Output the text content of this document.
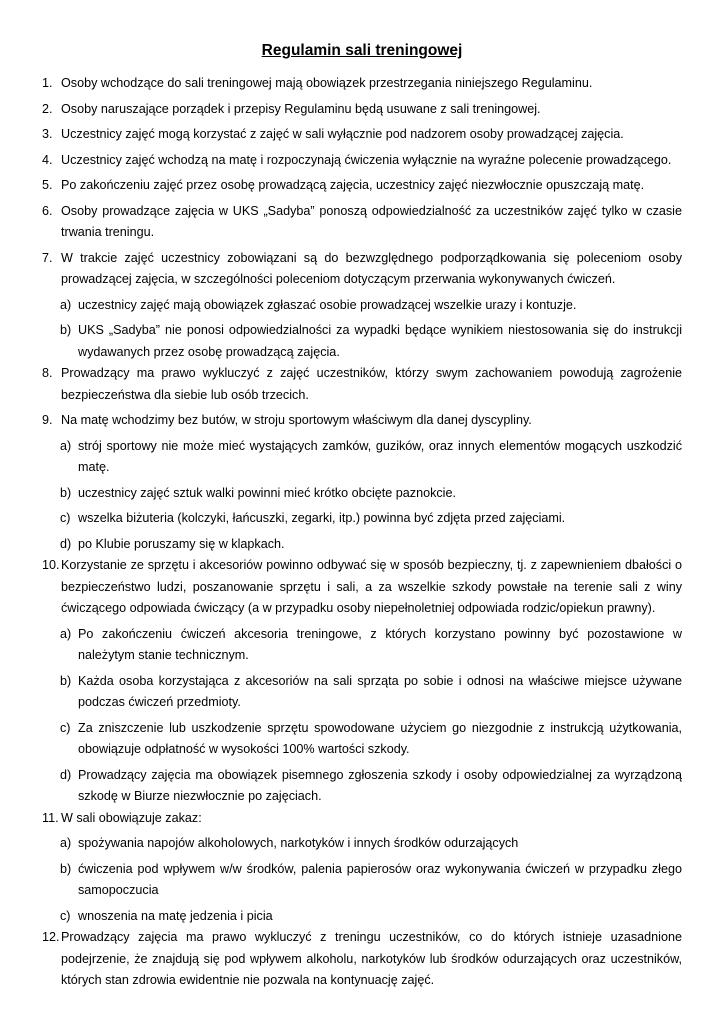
Regulamin sali treningowej
1. Osoby wchodzące do sali treningowej mają obowiązek przestrzegania niniejszego Regulaminu.
2. Osoby naruszające porządek i przepisy Regulaminu będą usuwane z sali treningowej.
3. Uczestnicy zajęć mogą korzystać z zajęć w sali wyłącznie pod nadzorem osoby prowadzącej zajęcia.
4. Uczestnicy zajęć wchodzą na matę i rozpoczynają ćwiczenia wyłącznie na wyraźne polecenie prowadzącego.
5. Po zakończeniu zajęć przez osobę prowadzącą zajęcia, uczestnicy zajęć niezwłocznie opuszczają matę.
6. Osoby prowadzące zajęcia w UKS „Sadyba” ponoszą odpowiedzialność za uczestników zajęć tylko w czasie trwania treningu.
7. W trakcie zajęć uczestnicy zobowiązani są do bezwzględnego podporządkowania się poleceniom osoby prowadzącej zajęcia, w szczególności poleceniom dotyczącym przerwania wykonywanych ćwiczeń.
a) uczestnicy zajęć mają obowiązek zgłaszać osobie prowadzącej wszelkie urazy i kontuzje.
b) UKS „Sadyba” nie ponosi odpowiedzialności za wypadki będące wynikiem niestosowania się do instrukcji wydawanych przez osobę prowadzącą zajęcia.
8. Prowadzący ma prawo wykluczyć z zajęć uczestników, którzy swym zachowaniem powodują zagrożenie bezpieczeństwa dla siebie lub osób trzecich.
9. Na matę wchodzimy bez butów, w stroju sportowym właściwym dla danej dyscypliny.
a) strój sportowy nie może mieć wystających zamków, guzików, oraz innych elementów mogących uszkodzić matę.
b) uczestnicy zajęć sztuk walki powinni mieć krótko obcięte paznokcie.
c) wszelka biżuteria (kolczyki, łańcuszki, zegarki, itp.) powinna być zdjęta przed zajęciami.
d) po Klubie poruszamy się w klapkach.
10. Korzystanie ze sprzętu i akcesoriów powinno odbywać się w sposób bezpieczny, tj. z zapewnieniem dbałości o bezpieczeństwo ludzi, poszanowanie sprzętu i sali, a za wszelkie szkody powstałe na terenie sali z winy ćwiczącego odpowiada ćwiczący (a w przypadku osoby niepełnoletniej odpowiada rodzic/opiekun prawny).
a) Po zakończeniu ćwiczeń akcesoria treningowe, z których korzystano powinny być pozostawione w należytym stanie technicznym.
b) Każda osoba korzystająca z akcesoriów na sali sprząta po sobie i odnosi na właściwe miejsce używane podczas ćwiczeń przedmioty.
c) Za zniszczenie lub uszkodzenie sprzętu spowodowane użyciem go niezgodnie z instrukcją użytkowania, obowiązuje odpłatność w wysokości 100% wartości szkody.
d) Prowadzący zajęcia ma obowiązek pisemnego zgłoszenia szkody i osoby odpowiedzialnej za wyrządzoną szkodę w Biurze niezwłocznie po zajęciach.
11. W sali obowiązuje zakaz:
a) spożywania napojów alkoholowych, narkotyków i innych środków odurzających
b) ćwiczenia pod wpływem w/w środków, palenia papierosów oraz wykonywania ćwiczeń w przypadku złego samopoczucia
c) wnoszenia na matę jedzenia i picia
12. Prowadzący zajęcia ma prawo wykluczyć z treningu uczestników, co do których istnieje uzasadnione podejrzenie, że znajdują się pod wpływem alkoholu, narkotyków lub środków odurzających oraz uczestników, których stan zdrowia ewidentnie nie pozwala na kontynuację zajęć.
